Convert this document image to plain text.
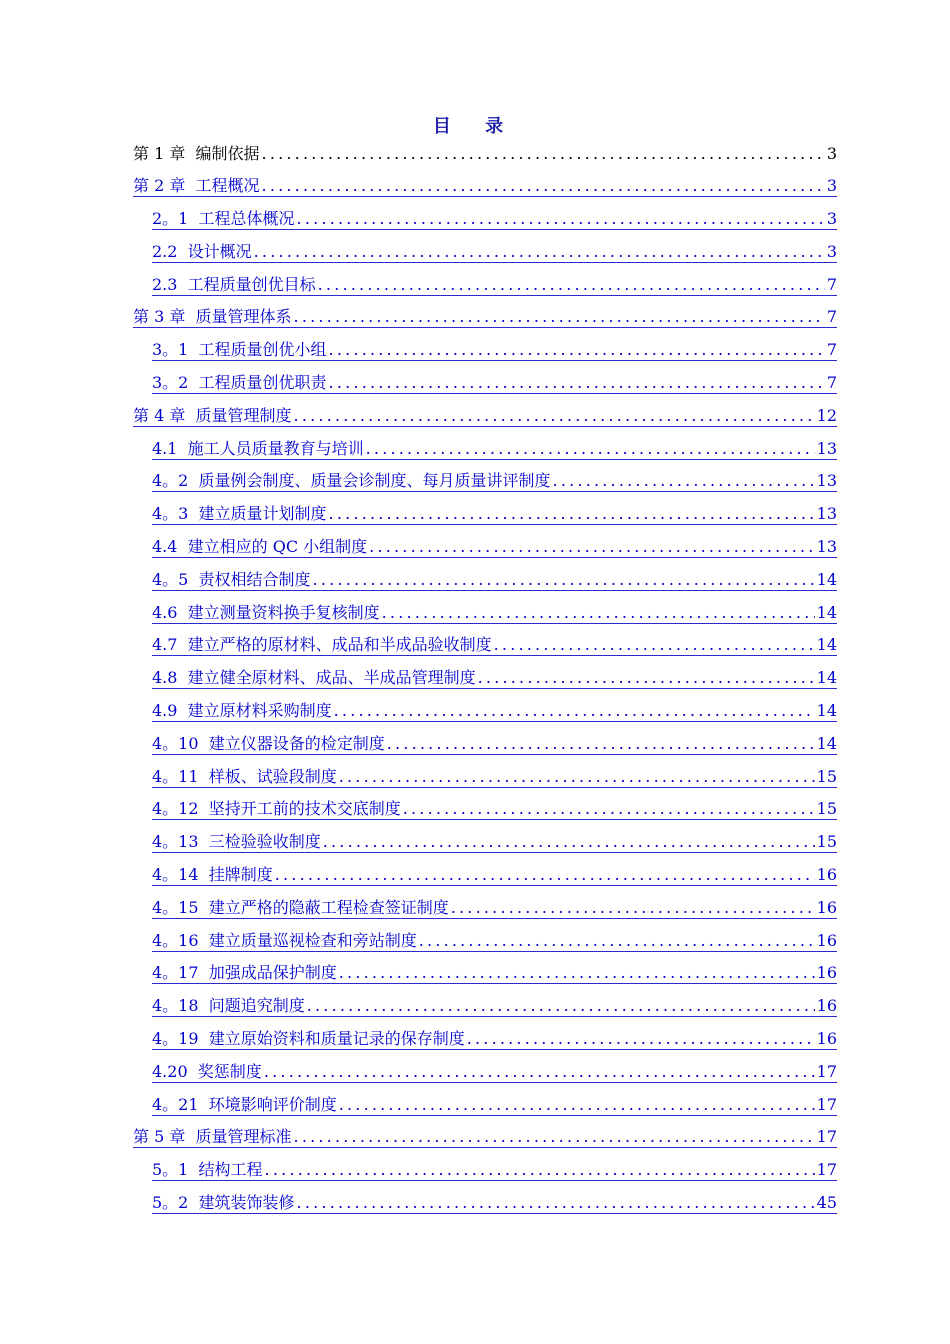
目 录
第 1 章  编制依据 .....	3
第 2 章  工程概况 .....	3
2。1  工程总体概况 .....	3
2.2  设计概况 .....	3
2.3  工程质量创优目标 .....	7
第 3 章  质量管理体系 .....	7
3。1  工程质量创优小组 .....	7
3。2  工程质量创优职责 .....	7
第 4 章  质量管理制度 .....	12
4.1  施工人员质量教育与培训 .....	13
4。2  质量例会制度、质量会诊制度、每月质量讲评制度 .....	13
4。3  建立质量计划制度 .....	13
4.4  建立相应的 QC 小组制度 .....	13
4。5  责权相结合制度 .....	14
4.6  建立测量资料换手复核制度 .....	14
4.7  建立严格的原材料、成品和半成品验收制度 .....	14
4.8  建立健全原材料、成品、半成品管理制度 .....	14
4.9  建立原材料采购制度 .....	14
4。10  建立仪器设备的检定制度 .....	14
4。11  样板、试验段制度 .....	15
4。12  坚持开工前的技术交底制度 .....	15
4。13  三检验验收制度 .....	15
4。14  挂牌制度 .....	16
4。15  建立严格的隐蔽工程检查签证制度 .....	16
4。16  建立质量巡视检查和旁站制度 .....	16
4。17  加强成品保护制度 .....	16
4。18  问题追究制度 .....	16
4。19  建立原始资料和质量记录的保存制度 .....	16
4.20  奖惩制度 .....	17
4。21  环境影响评价制度 .....	17
第 5 章  质量管理标准 .....	17
5。1  结构工程 .....	17
5。2  建筑装饰装修 .....	45
